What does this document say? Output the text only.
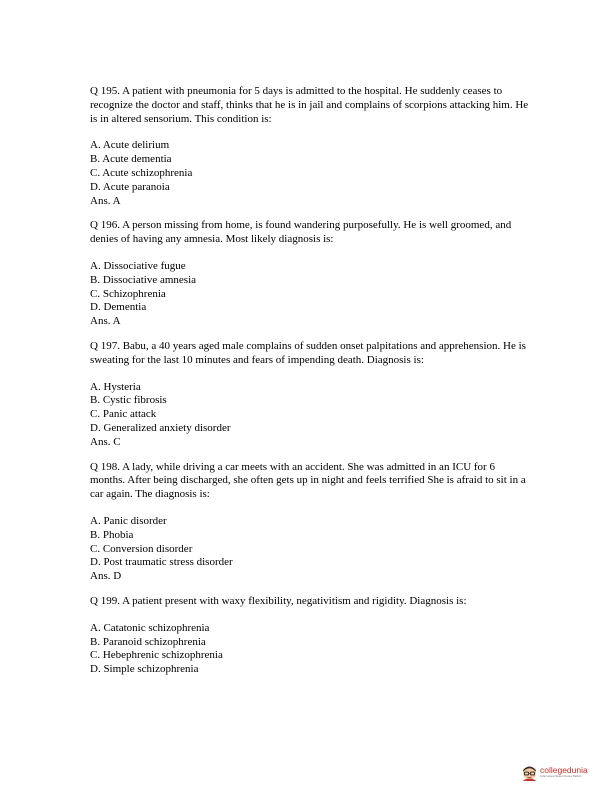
Q 195. A patient with pneumonia for 5 days is admitted to the hospital. He suddenly ceases to recognize the doctor and staff, thinks that he is in jail and complains of scorpions attacking him. He is in altered sensorium. This condition is:

A. Acute delirium

B. Acute dementia

C. Acute schizophrenia

D. Acute paranoia

Ans. A

Q 196. A person missing from home, is found wandering purposefully. He is well groomed, and denies of having any amnesia. Most likely diagnosis is:

A. Dissociative fugue

B. Dissociative amnesia

C. Schizophrenia

D. Dementia

Ans. A

Q 197. Babu, a 40 years aged male complains of sudden onset palpitations and apprehension. He is sweating for the last 10 minutes and fears of impending death. Diagnosis is:

A. Hysteria

B. Cystic fibrosis

C. Panic attack

D. Generalized anxiety disorder

Ans. C

Q 198. A lady, while driving a car meets with an accident. She was admitted in an ICU for 6 months. After being discharged, she often gets up in night and feels terrified She is afraid to sit in a car again. The diagnosis is:

A. Panic disorder

B. Phobia

C. Conversion disorder

D. Post traumatic stress disorder

Ans. D

Q 199. A patient present with waxy flexibility, negativitism and rigidity. Diagnosis is:

A. Catatonic schizophrenia

B. Paranoid schizophrenia

C. Hebephrenic schizophrenia

D. Simple schizophrenia

collegedunia
India's largest Student Review Platform
